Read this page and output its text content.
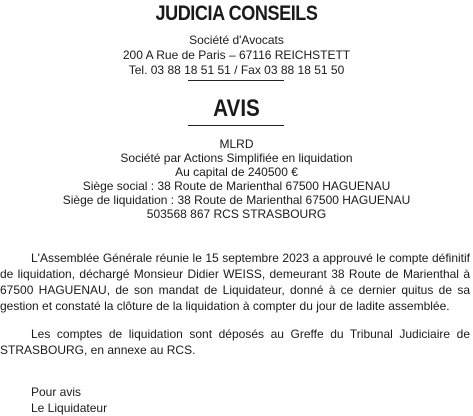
JUDICIA CONSEILS
Société d'Avocats
200 A Rue de Paris – 67116 REICHSTETT
Tel. 03 88 18 51 51 / Fax 03 88 18 51 50
AVIS
MLRD
Société par Actions Simplifiée en liquidation
Au capital de 240500 €
Siège social : 38 Route de Marienthal 67500 HAGUENAU
Siège de liquidation : 38 Route de Marienthal 67500 HAGUENAU
503568 867 RCS STRASBOURG
L'Assemblée Générale réunie le 15 septembre 2023 a approuvé le compte définitif de liquidation, déchargé Monsieur Didier WEISS, demeurant 38 Route de Marienthal à 67500 HAGUENAU, de son mandat de Liquidateur, donné à ce dernier quitus de sa gestion et constaté la clôture de la liquidation à compter du jour de ladite assemblée.
Les comptes de liquidation sont déposés au Greffe du Tribunal Judiciaire de STRASBOURG, en annexe au RCS.
Pour avis
Le Liquidateur
